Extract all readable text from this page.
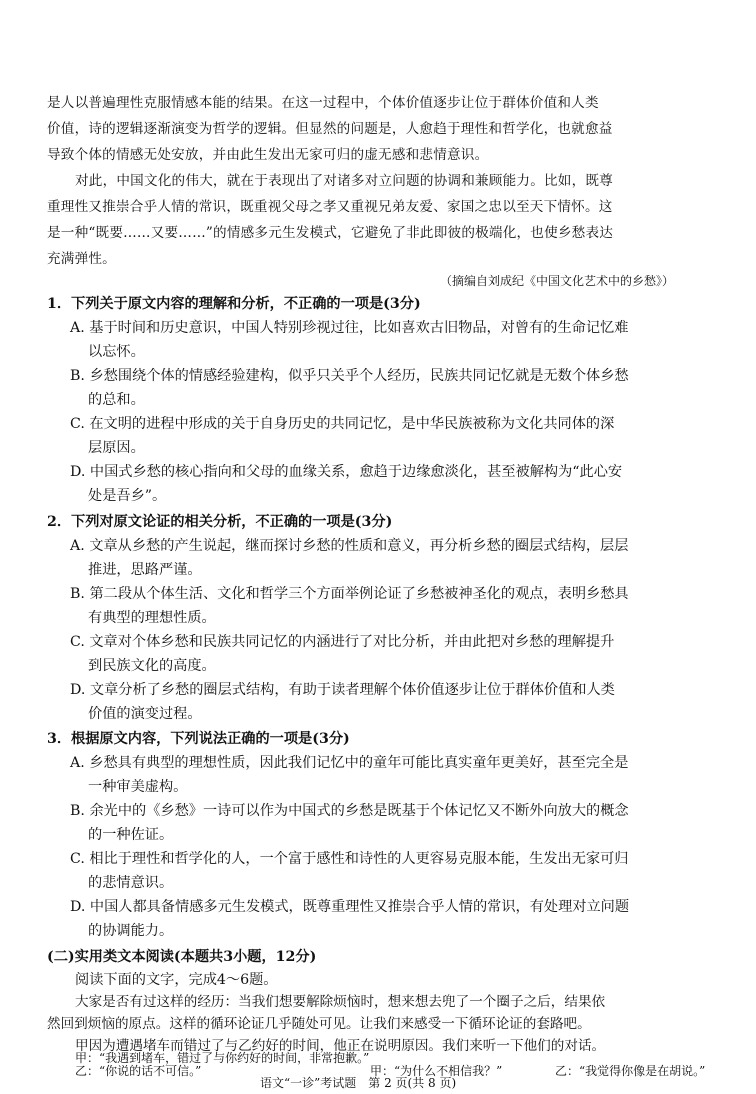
是人以普遍理性克服情感本能的结果。在这一过程中，个体价值逐步让位于群体价值和人类

价值，诗的逻辑逐渐演变为哲学的逻辑。但显然的问题是，人愈趋于理性和哲学化，也就愈益

导致个体的情感无处安放，并由此生发出无家可归的虚无感和悲情意识。

对此，中国文化的伟大，就在于表现出了对诸多对立问题的协调和兼顾能力。比如，既尊

重理性又推崇合乎人情的常识，既重视父母之孝又重视兄弟友爱、家国之忠以至天下情怀。这

是一种“既要……又要……”的情感多元生发模式，它避免了非此即彼的极端化，也使乡愁表达

充满弹性。

（摘编自刘成纪《中国文化艺术中的乡愁》）

1．下列关于原文内容的理解和分析，不正确的一项是(3分)

A. 基于时间和历史意识，中国人特别珍视过往，比如喜欢古旧物品，对曾有的生命记忆难

以忘怀。

B. 乡愁围绕个体的情感经验建构，似乎只关乎个人经历，民族共同记忆就是无数个体乡愁

的总和。

C. 在文明的进程中形成的关于自身历史的共同记忆，是中华民族被称为文化共同体的深

层原因。

D. 中国式乡愁的核心指向和父母的血缘关系，愈趋于边缘愈淡化，甚至被解构为“此心安

处是吾乡”。

2．下列对原文论证的相关分析，不正确的一项是(3分)

A. 文章从乡愁的产生说起，继而探讨乡愁的性质和意义，再分析乡愁的圈层式结构，层层

推进，思路严谨。

B. 第二段从个体生活、文化和哲学三个方面举例论证了乡愁被神圣化的观点，表明乡愁具

有典型的理想性质。

C. 文章对个体乡愁和民族共同记忆的内涵进行了对比分析，并由此把对乡愁的理解提升

到民族文化的高度。

D. 文章分析了乡愁的圈层式结构，有助于读者理解个体价值逐步让位于群体价值和人类

价值的演变过程。

3．根据原文内容，下列说法正确的一项是(3分)

A. 乡愁具有典型的理想性质，因此我们记忆中的童年可能比真实童年更美好，甚至完全是

一种审美虚构。

B. 余光中的《乡愁》一诗可以作为中国式的乡愁是既基于个体记忆又不断外向放大的概念

的一种佐证。

C. 相比于理性和哲学化的人，一个富于感性和诗性的人更容易克服本能，生发出无家可归

的悲情意识。

D. 中国人都具备情感多元生发模式，既尊重理性又推崇合乎人情的常识，有处理对立问题

的协调能力。

(二)实用类文本阅读(本题共3小题，12分)

阅读下面的文字，完成4～6题。

大家是否有过这样的经历：当我们想要解除烦恼时，想来想去兜了一个圈子之后，结果依

然回到烦恼的原点。这样的循环论证几乎随处可见。让我们来感受一下循环论证的套路吧。

甲因为遭遇堵车而错过了与乙约好的时间，他正在说明原因。我们来听一下他们的对话。

甲：“我遇到堵车，错过了与你约好的时间，非常抱歉。”

乙：“你说的话不可信。”	甲：“为什么不相信我？”	乙：“我觉得你像是在胡说。”

语文“一诊”考试题　第 2 页(共 8 页)
